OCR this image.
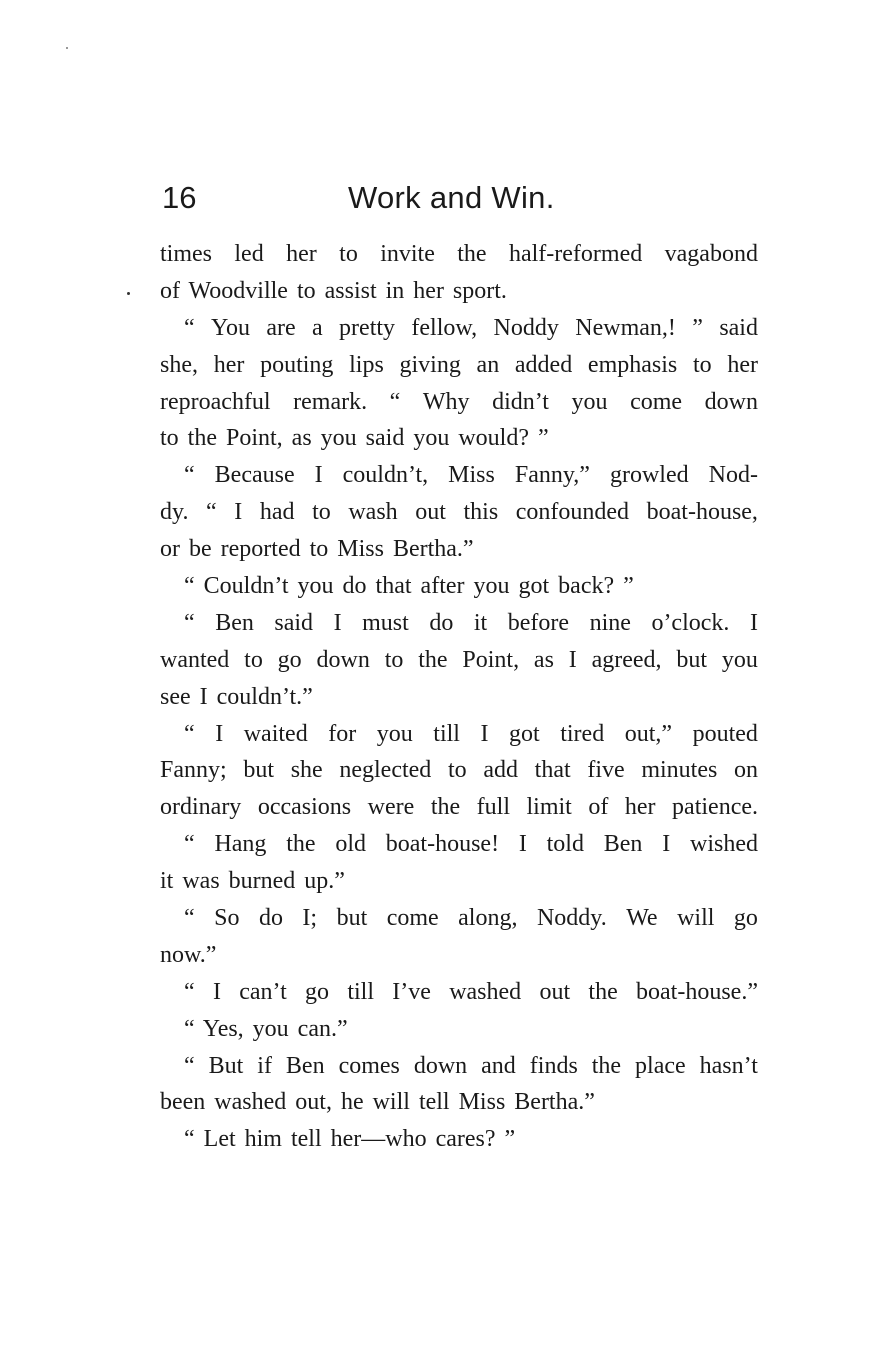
16	Work and Win.
times led her to invite the half-reformed vagabond
of Woodville to assist in her sport.
“ You are a pretty fellow, Noddy Newman,! ” said
she, her pouting lips giving an added emphasis to her
reproachful remark. “ Why didn’t you come down
to the Point, as you said you would? ”
“ Because I couldn’t, Miss Fanny,” growled Nod-
dy. “ I had to wash out this confounded boat-house,
or be reported to Miss Bertha.”
“ Couldn’t you do that after you got back? ”
“ Ben said I must do it before nine o’clock. I
wanted to go down to the Point, as I agreed, but you
see I couldn’t.”
“ I waited for you till I got tired out,” pouted
Fanny; but she neglected to add that five minutes on
ordinary occasions were the full limit of her patience.
“ Hang the old boat-house! I told Ben I wished
it was burned up.”
“ So do I; but come along, Noddy. We will go
now.”
“ I can’t go till I’ve washed out the boat-house.”
“ Yes, you can.”
“ But if Ben comes down and finds the place hasn’t
been washed out, he will tell Miss Bertha.”
“ Let him tell her—who cares? ”
